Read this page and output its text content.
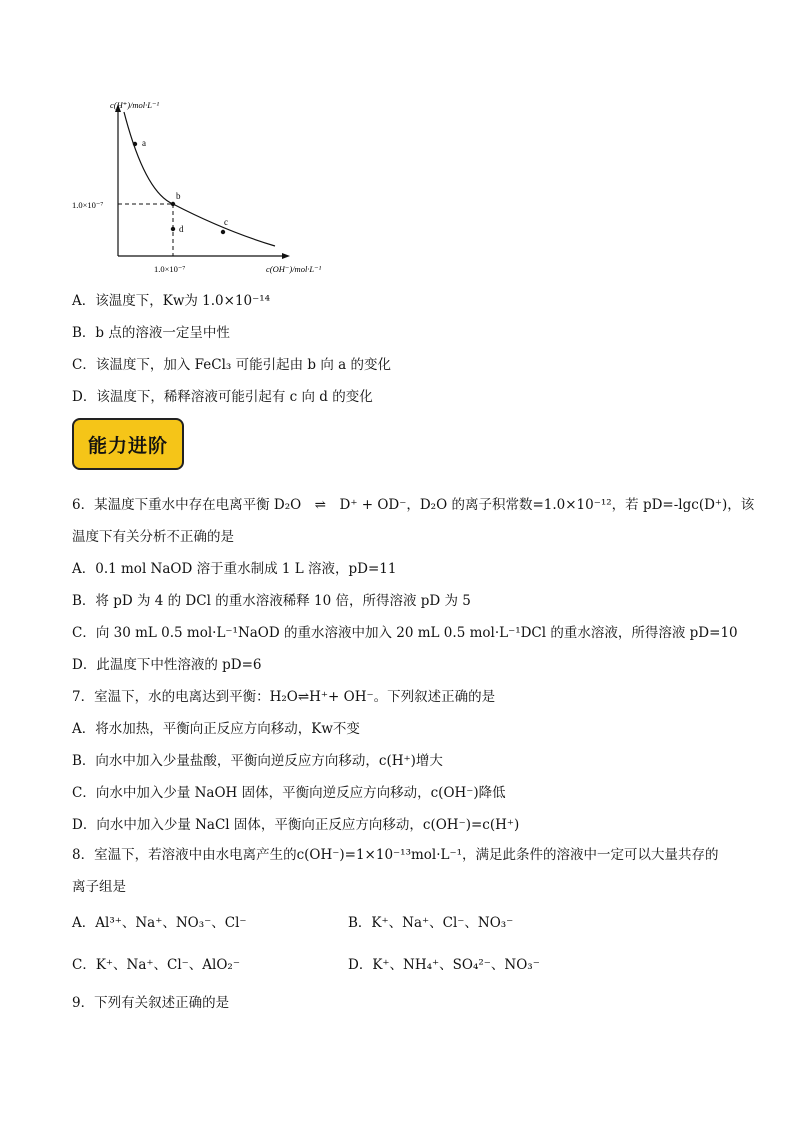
a
b
c
d
c(H⁺)/mol·L⁻¹
c(OH⁻)/mol·L⁻¹
1.0×10⁻⁷
1.0×10⁻⁷
A．该温度下，Kw为 1.0×10⁻¹⁴
B．b 点的溶液一定呈中性
C．该温度下，加入 FeCl₃ 可能引起由 b 向 a 的变化
D．该温度下，稀释溶液可能引起有 c 向 d 的变化
能力进阶
6．某温度下重水中存在电离平衡 D₂O　⇌　D⁺ + OD⁻，D₂O 的离子积常数=1.0×10⁻¹²，若 pD=-lgc(D⁺)，该
温度下有关分析不正确的是
A．0.1 mol NaOD 溶于重水制成 1 L 溶液，pD=11
B．将 pD 为 4 的 DCl 的重水溶液稀释 10 倍，所得溶液 pD 为 5
C．向 30 mL 0.5 mol·L⁻¹NaOD 的重水溶液中加入 20 mL 0.5 mol·L⁻¹DCl 的重水溶液，所得溶液 pD=10
D．此温度下中性溶液的 pD=6
7．室温下，水的电离达到平衡：H₂O⇌H⁺+ OH⁻。下列叙述正确的是
A．将水加热，平衡向正反应方向移动，Kw不变
B．向水中加入少量盐酸，平衡向逆反应方向移动，c(H⁺)增大
C．向水中加入少量 NaOH 固体，平衡向逆反应方向移动，c(OH⁻)降低
D．向水中加入少量 NaCl 固体，平衡向正反应方向移动，c(OH⁻)=c(H⁺)
8．室温下，若溶液中由水电离产生的c(OH⁻)=1×10⁻¹³mol·L⁻¹，满足此条件的溶液中一定可以大量共存的
离子组是
A．Al³⁺、Na⁺、NO₃⁻、Cl⁻	B．K⁺、Na⁺、Cl⁻、NO₃⁻
C．K⁺、Na⁺、Cl⁻、AlO₂⁻	D．K⁺、NH₄⁺、SO₄²⁻、NO₃⁻
9．下列有关叙述正确的是
